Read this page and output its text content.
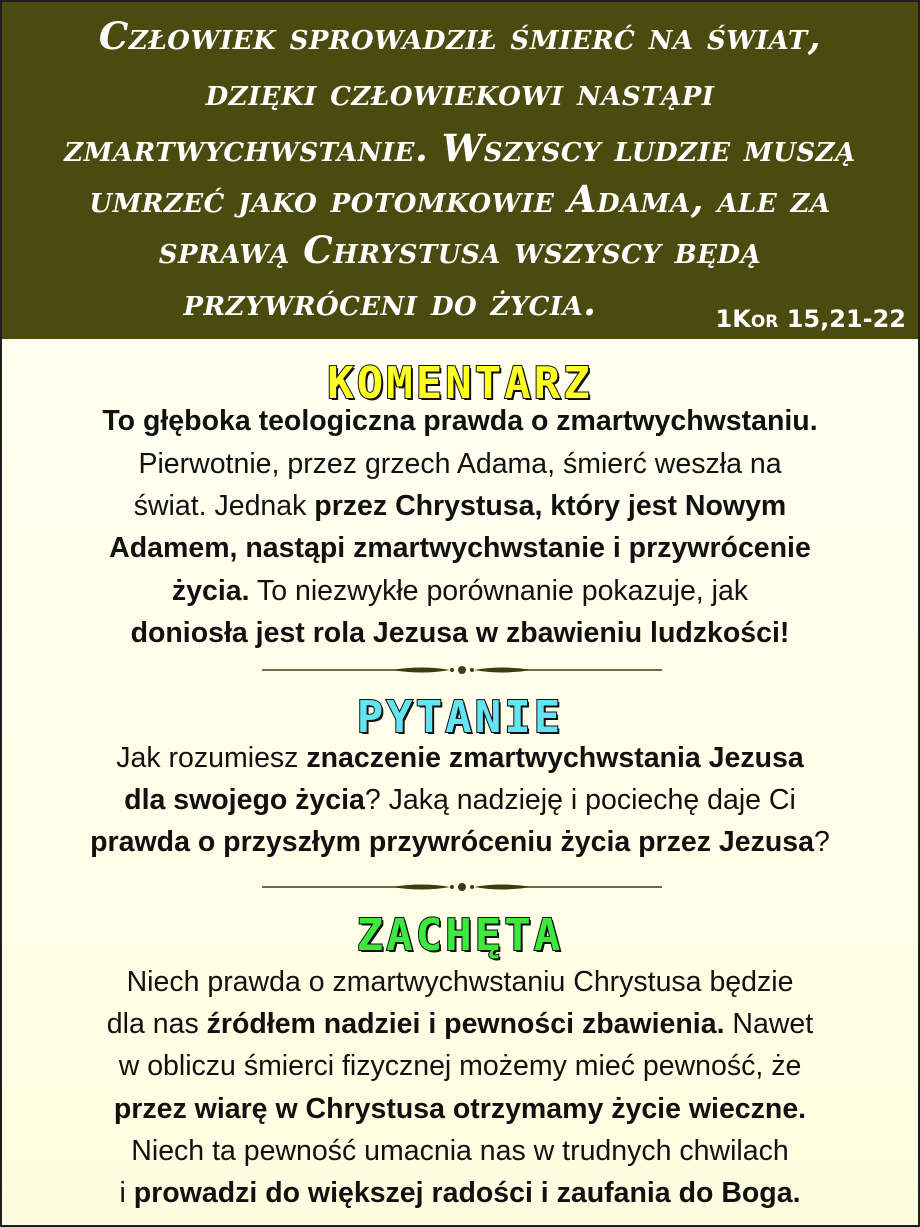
Człowiek sprowadził śmierć na świat,
dzięki człowiekowi nastąpi
zmartwychwstanie. Wszyscy ludzie muszą
umrzeć jako potomkowie Adama, ale za
sprawą Chrystusa wszyscy będą
przywróceni do życia.	1Kor 15,21-22
KOMENTARZ
To głęboka teologiczna prawda o zmartwychwstaniu.
Pierwotnie, przez grzech Adama, śmierć weszła na
świat. Jednak przez Chrystusa, który jest Nowym
Adamem, nastąpi zmartwychwstanie i przywrócenie
życia. To niezwykłe porównanie pokazuje, jak
doniosła jest rola Jezusa w zbawieniu ludzkości!
PYTANIE
Jak rozumiesz znaczenie zmartwychwstania Jezusa
dla swojego życia? Jaką nadzieję i pociechę daje Ci
prawda o przyszłym przywróceniu życia przez Jezusa?
ZACHĘTA
Niech prawda o zmartwychwstaniu Chrystusa będzie
dla nas źródłem nadziei i pewności zbawienia. Nawet
w obliczu śmierci fizycznej możemy mieć pewność, że
przez wiarę w Chrystusa otrzymamy życie wieczne.
Niech ta pewność umacnia nas w trudnych chwilach
i prowadzi do większej radości i zaufania do Boga.
